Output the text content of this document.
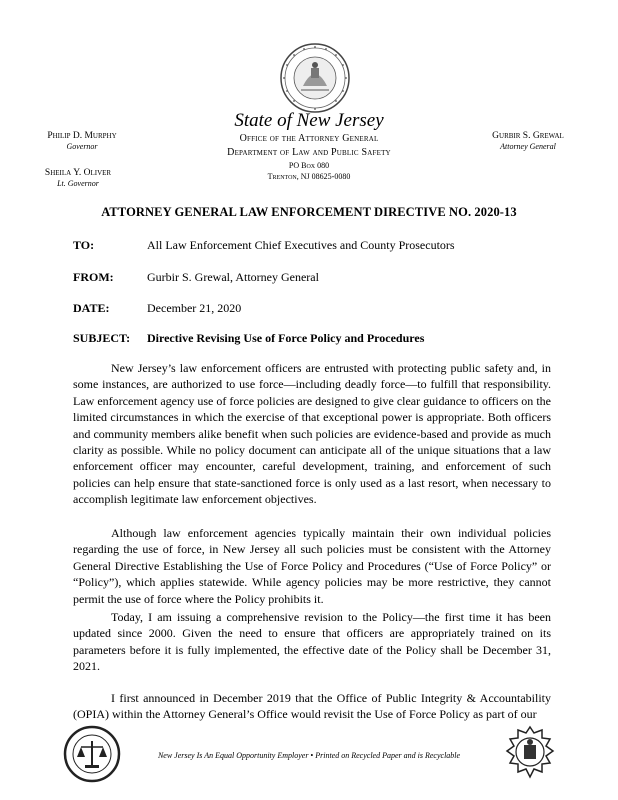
State of New Jersey

Office of the Attorney General
Department of Law and Public Safety
PO Box 080
Trenton, NJ 08625-0080
Philip D. Murphy
Governor
Sheila Y. Oliver
Lt. Governor
Gurbir S. Grewal
Attorney General
ATTORNEY GENERAL LAW ENFORCEMENT DIRECTIVE NO. 2020-13
TO:	All Law Enforcement Chief Executives and County Prosecutors
FROM:	Gurbir S. Grewal, Attorney General
DATE:	December 21, 2020
SUBJECT:	Directive Revising Use of Force Policy and Procedures

New Jersey’s law enforcement officers are entrusted with protecting public safety and, in some instances, are authorized to use force—including deadly force—to fulfill that responsibility. Law enforcement agency use of force policies are designed to give clear guidance to officers on the limited circumstances in which the exercise of that exceptional power is appropriate. Both officers and community members alike benefit when such policies are evidence-based and provide as much clarity as possible. While no policy document can anticipate all of the unique situations that a law enforcement officer may encounter, careful development, training, and enforcement of such policies can help ensure that state-sanctioned force is only used as a last resort, when necessary to accomplish legitimate law enforcement objectives.

Although law enforcement agencies typically maintain their own individual policies regarding the use of force, in New Jersey all such policies must be consistent with the Attorney General Directive Establishing the Use of Force Policy and Procedures (“Use of Force Policy” or “Policy”), which applies statewide. While agency policies may be more restrictive, they cannot permit the use of force where the Policy prohibits it.

Today, I am issuing a comprehensive revision to the Policy—the first time it has been updated since 2000. Given the need to ensure that officers are appropriately trained on its parameters before it is fully implemented, the effective date of the Policy shall be December 31, 2021.

I first announced in December 2019 that the Office of Public Integrity & Accountability (OPIA) within the Attorney General’s Office would revisit the Use of Force Policy as part of our

New Jersey Is An Equal Opportunity Employer • Printed on Recycled Paper and is Recyclable
